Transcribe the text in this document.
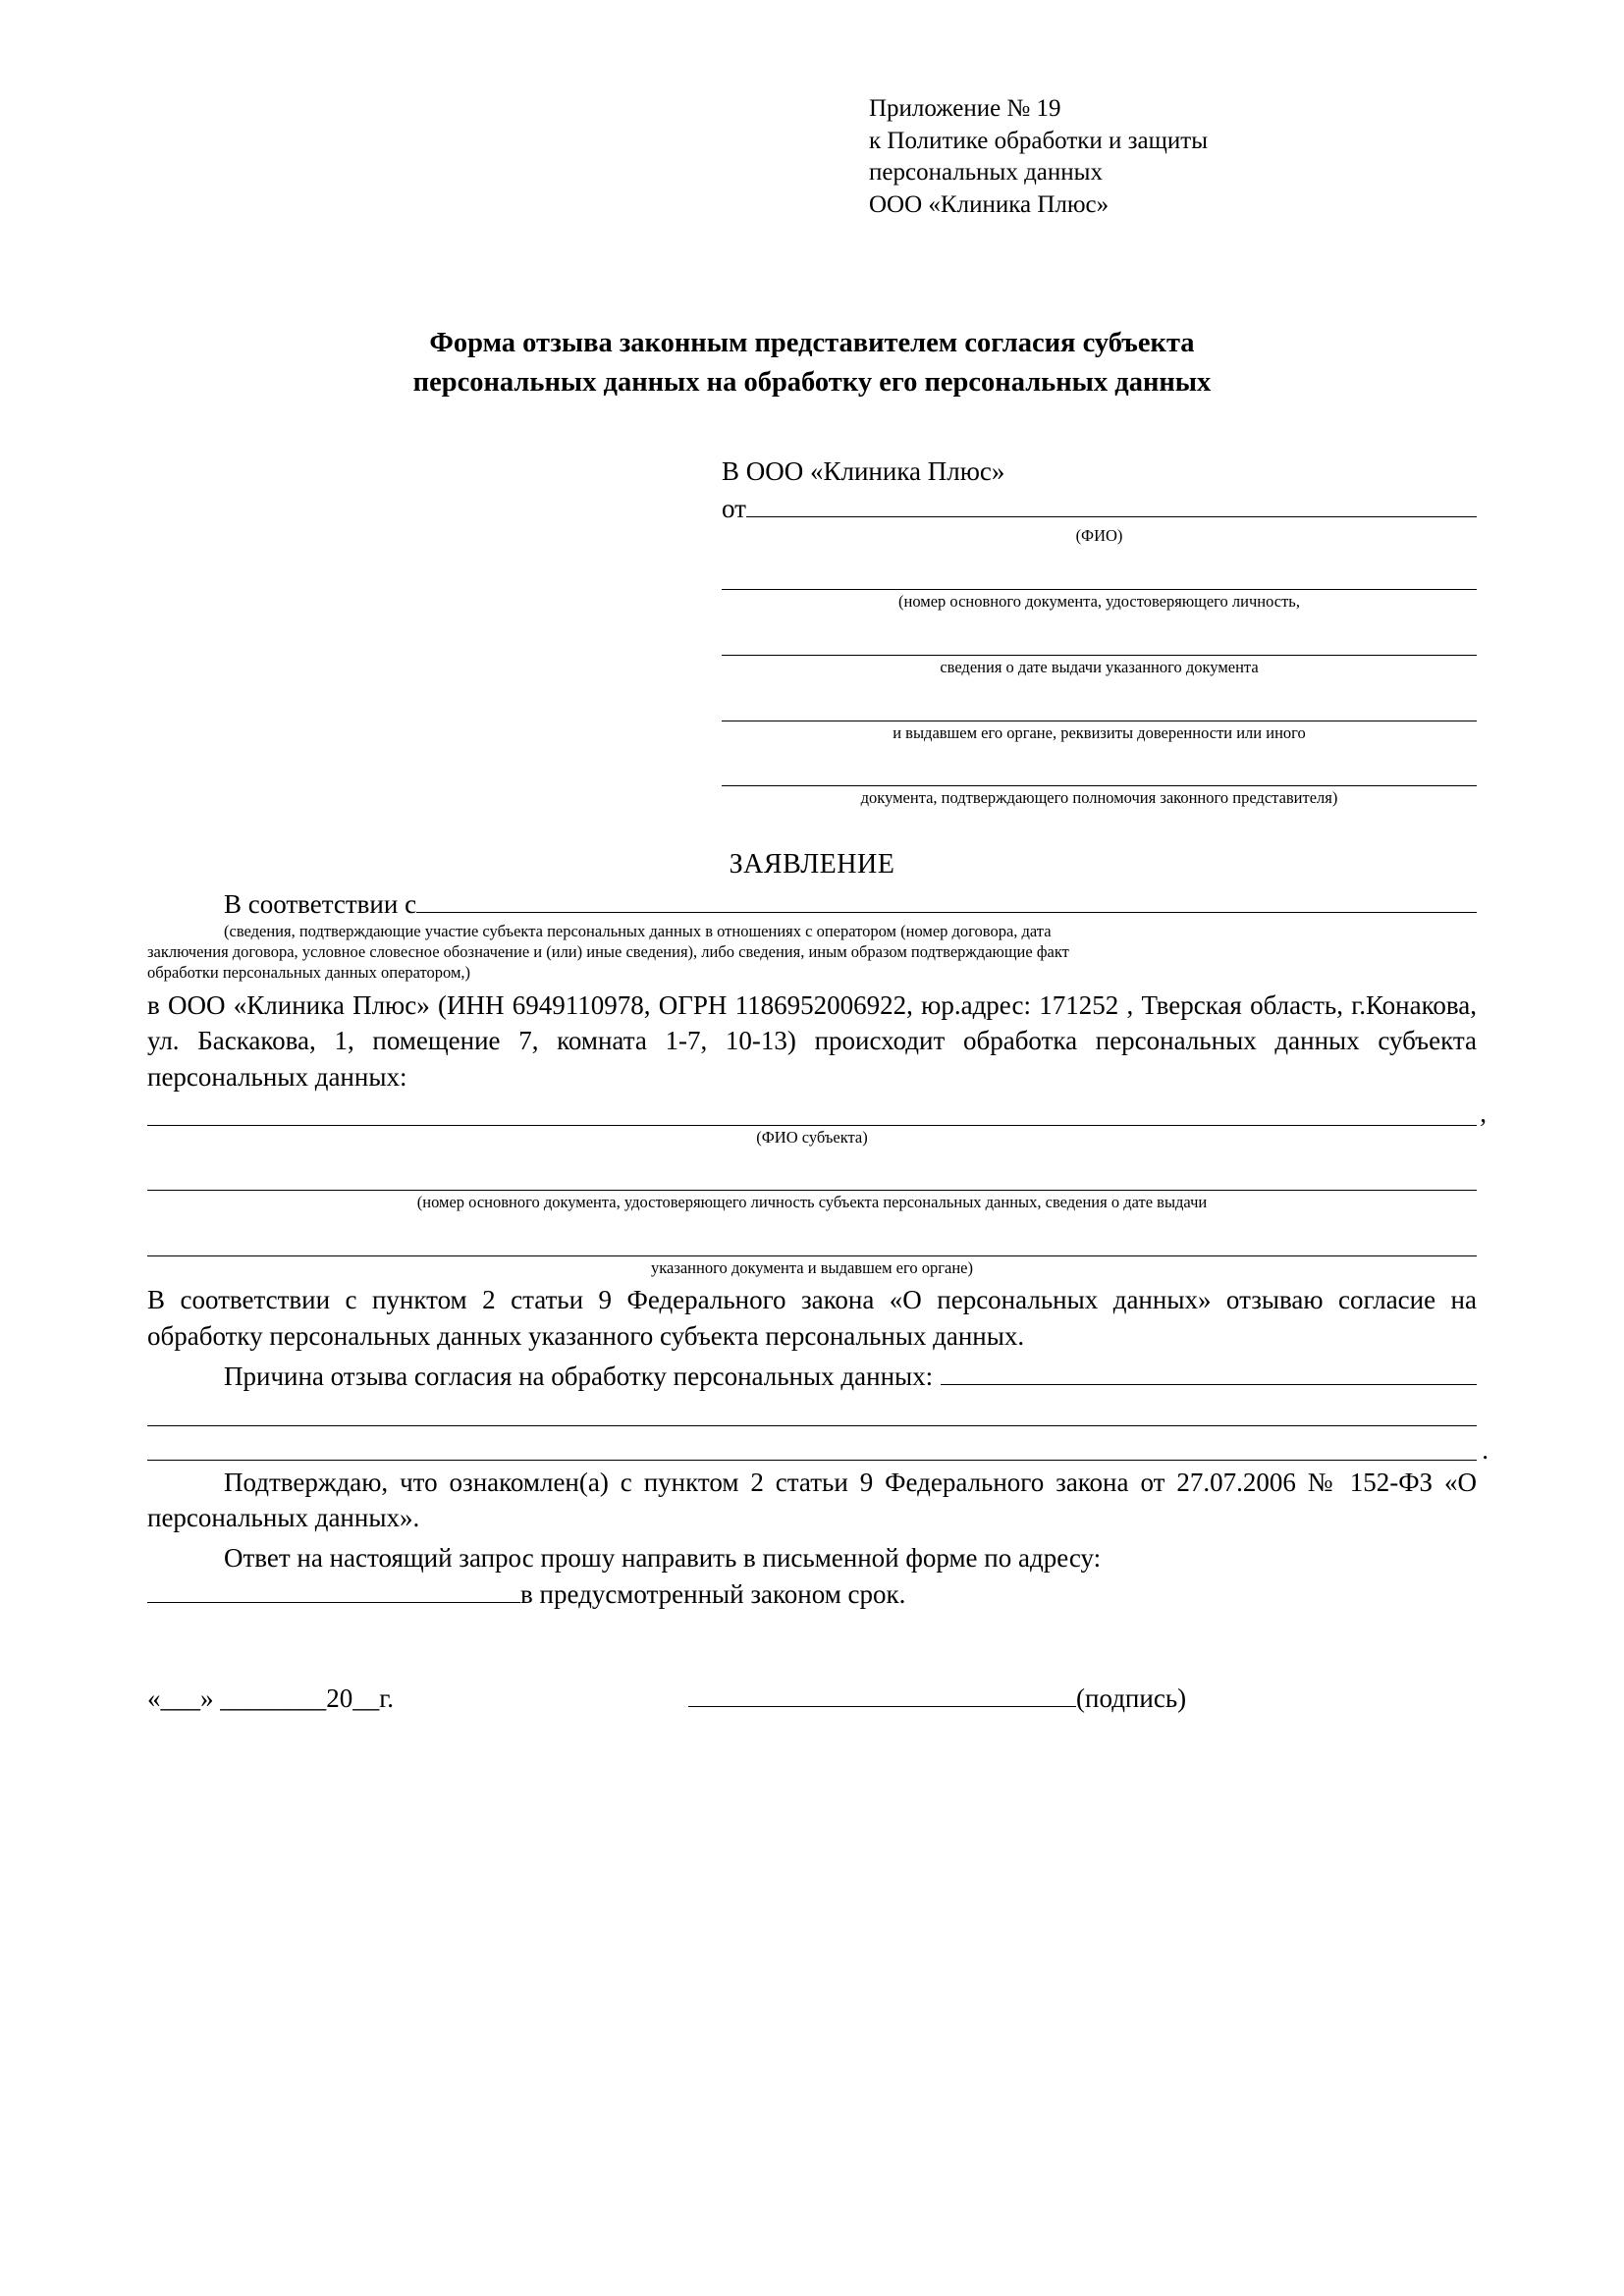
Приложение № 19
к Политике обработки и защиты
персональных данных
ООО «Клиника Плюс»
Форма отзыва законным представителем согласия субъекта
персональных данных на обработку его персональных данных
В ООО «Клиника Плюс»
от
(ФИО)
(номер основного документа, удостоверяющего личность,
сведения о дате выдачи указанного документа
и выдавшем его органе, реквизиты доверенности или иного
документа, подтверждающего полномочия законного представителя)
ЗАЯВЛЕНИЕ
В соответствии с
(сведения, подтверждающие участие субъекта персональных данных в отношениях с оператором (номер договора, дата
заключения договора, условное словесное обозначение и (или) иные сведения), либо сведения, иным образом подтверждающие факт
обработки персональных данных оператором,)
в ООО «Клиника Плюс» (ИНН 6949110978, ОГРН 1186952006922, юр.адрес: 171252 , Тверская область, г.Конакова, ул. Баскакова, 1, помещение 7, комната 1-7, 10-13) происходит обработка персональных данных субъекта персональных данных:
,
(ФИО субъекта)
(номер основного документа, удостоверяющего личность субъекта персональных данных, сведения о дате выдачи
указанного документа и выдавшем его органе)
В соответствии с пунктом 2 статьи 9 Федерального закона «О персональных данных» отзываю согласие на обработку персональных данных указанного субъекта персональных данных.
Причина отзыва согласия на обработку персональных данных:
.
Подтверждаю, что ознакомлен(а) с пунктом 2 статьи 9 Федерального закона от 27.07.2006 № 152-ФЗ «О персональных данных».
Ответ на настоящий запрос прошу направить в письменной форме по адресу:
в предусмотренный законом срок.
«___» ________20__г.	(подпись)
